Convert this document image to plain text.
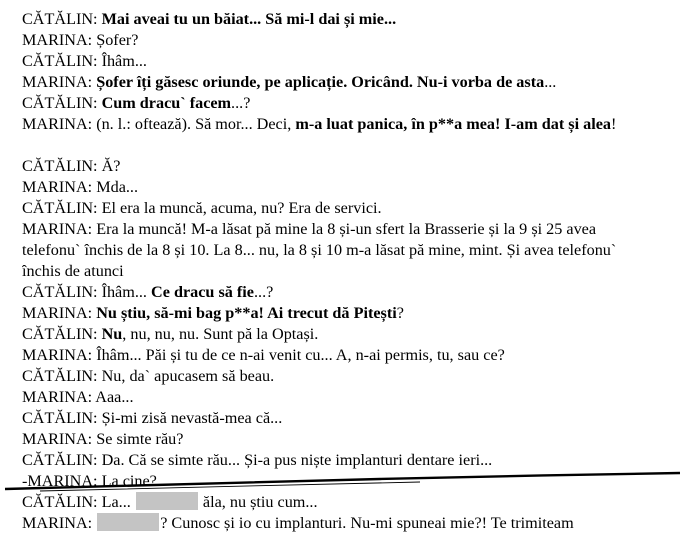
CĂTĂLIN: Mai aveai tu un băiat... Să mi-l dai și mie...
MARINA: Șofer?
CĂTĂLIN: Îhâm...
MARINA: Șofer îți găsesc oriunde, pe aplicație. Oricând. Nu-i vorba de asta...
CĂTĂLIN: Cum dracu` facem...?
MARINA: (n. l.: oftează). Să mor... Deci, m-a luat panica, în p**a mea! I-am dat și alea!
CĂTĂLIN: Ă?
MARINA: Mda...
CĂTĂLIN: El era la muncă, acuma, nu? Era de servici.
MARINA: Era la muncă! M-a lăsat pă mine la 8 și-un sfert la Brasserie și la 9 și 25 avea telefonu` închis de la 8 și 10. La 8... nu, la 8 și 10 m-a lăsat pă mine, mint. Și avea telefonu` închis de atunci
CĂTĂLIN: Îhâm... Ce dracu să fie...?
MARINA: Nu știu, să-mi bag p**a! Ai trecut dă Pitești?
CĂTĂLIN: Nu, nu, nu, nu. Sunt pă la Optași.
MARINA: Îhâm... Păi și tu de ce n-ai venit cu... A, n-ai permis, tu, sau ce?
CĂTĂLIN: Nu, da` apucasem să beau.
MARINA: Aaa...
CĂTĂLIN: Și-mi zisă nevastă-mea că...
MARINA: Se simte rău?
CĂTĂLIN: Da. Că se simte rău... Și-a pus niște implanturi dentare ieri...
-MARINA: La cine?
CĂTĂLIN: La...	ăla, nu știu cum...
MARINA:	? Cunosc și io cu implanturi. Nu-mi spuneai mie?! Te trimiteam
